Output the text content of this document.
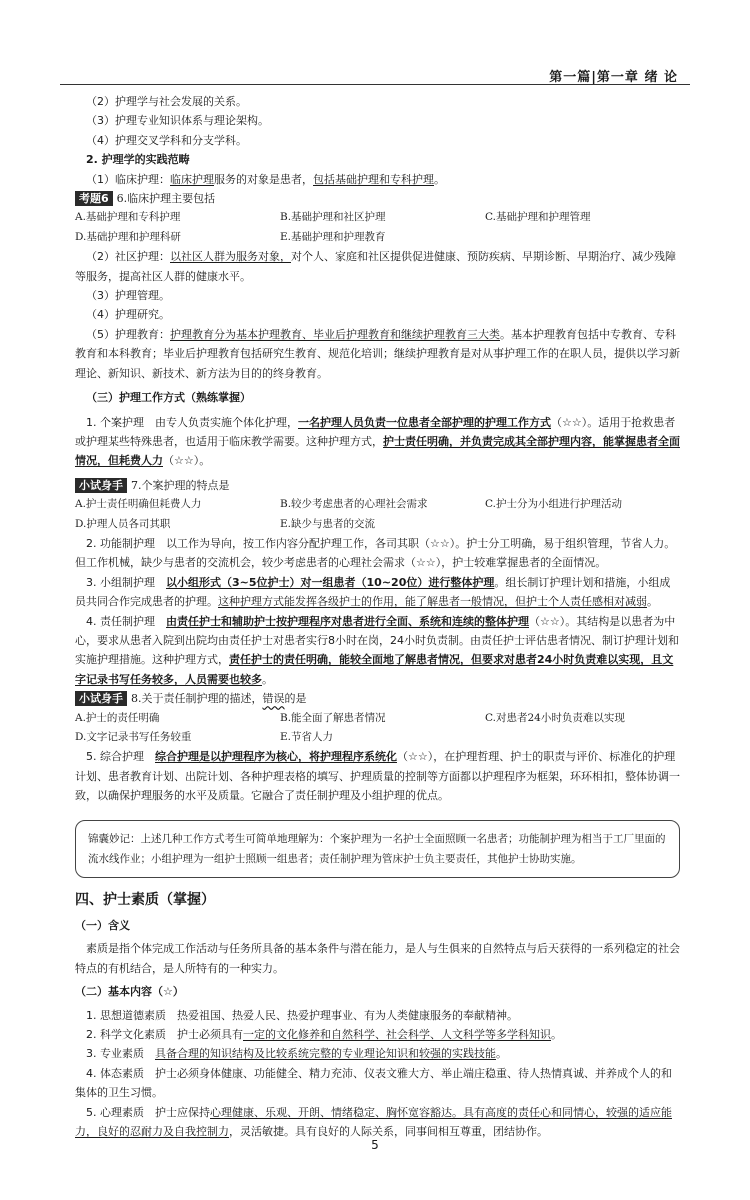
第一篇|第一章 绪 论

（2）护理学与社会发展的关系。

（3）护理专业知识体系与理论架构。

（4）护理交叉学科和分支学科。

2. 护理学的实践范畴

（1）临床护理：临床护理服务的对象是患者，包括基础护理和专科护理。

考题6 6.临床护理主要包括

A.基础护理和专科护理	B.基础护理和社区护理	C.基础护理和护理管理
D.基础护理和护理科研	E.基础护理和护理教育

（2）社区护理：以社区人群为服务对象，对个人、家庭和社区提供促进健康、预防疾病、早期诊断、早期治疗、减少残障等服务，提高社区人群的健康水平。

（3）护理管理。

（4）护理研究。

（5）护理教育：护理教育分为基本护理教育、毕业后护理教育和继续护理教育三大类。基本护理教育包括中专教育、专科教育和本科教育；毕业后护理教育包括研究生教育、规范化培训；继续护理教育是对从事护理工作的在职人员，提供以学习新理论、新知识、新技术、新方法为目的的终身教育。

（三）护理工作方式（熟练掌握）

1. 个案护理　由专人负责实施个体化护理，一名护理人员负责一位患者全部护理的护理工作方式（☆☆）。适用于抢救患者或护理某些特殊患者，也适用于临床教学需要。这种护理方式，护士责任明确，并负责完成其全部护理内容，能掌握患者全面情况，但耗费人力（☆☆）。

小试身手 7.个案护理的特点是

A.护士责任明确但耗费人力	B.较少考虑患者的心理社会需求	C.护士分为小组进行护理活动
D.护理人员各司其职	E.缺少与患者的交流

2. 功能制护理　以工作为导向，按工作内容分配护理工作，各司其职（☆☆）。护士分工明确，易于组织管理，节省人力。但工作机械，缺少与患者的交流机会，较少考虑患者的心理社会需求（☆☆），护士较难掌握患者的全面情况。

3. 小组制护理　以小组形式（3~5位护士）对一组患者（10~20位）进行整体护理。组长制订护理计划和措施，小组成员共同合作完成患者的护理。这种护理方式能发挥各级护士的作用，能了解患者一般情况，但护士个人责任感相对减弱。

4. 责任制护理　由责任护士和辅助护士按护理程序对患者进行全面、系统和连续的整体护理（☆☆）。其结构是以患者为中心，要求从患者入院到出院均由责任护士对患者实行8小时在岗，24小时负责制。由责任护士评估患者情况、制订护理计划和实施护理措施。这种护理方式，责任护士的责任明确，能较全面地了解患者情况，但要求对患者24小时负责难以实现，且文字记录书写任务较多，人员需要也较多。

小试身手 8.关于责任制护理的描述，错误的是

A.护士的责任明确	B.能全面了解患者情况	C.对患者24小时负责难以实现
D.文字记录书写任务较重	E.节省人力

5. 综合护理　综合护理是以护理程序为核心，将护理程序系统化（☆☆），在护理哲理、护士的职责与评价、标准化的护理计划、患者教育计划、出院计划、各种护理表格的填写、护理质量的控制等方面都以护理程序为框架，环环相扣，整体协调一致，以确保护理服务的水平及质量。它融合了责任制护理及小组护理的优点。

锦囊妙记：上述几种工作方式考生可简单地理解为：个案护理为一名护士全面照顾一名患者；功能制护理为相当于工厂里面的流水线作业；小组护理为一组护士照顾一组患者；责任制护理为管床护士负主要责任，其他护士协助实施。

四、护士素质（掌握）

（一）含义

素质是指个体完成工作活动与任务所具备的基本条件与潜在能力，是人与生俱来的自然特点与后天获得的一系列稳定的社会特点的有机结合，是人所特有的一种实力。

（二）基本内容（☆）

1. 思想道德素质　热爱祖国、热爱人民、热爱护理事业、有为人类健康服务的奉献精神。

2. 科学文化素质　护士必须具有一定的文化修养和自然科学、社会科学、人文科学等多学科知识。

3. 专业素质　具备合理的知识结构及比较系统完整的专业理论知识和较强的实践技能。

4. 体态素质　护士必须身体健康、功能健全、精力充沛、仪表文雅大方、举止端庄稳重、待人热情真诚、并养成个人的和集体的卫生习惯。

5. 心理素质　护士应保持心理健康、乐观、开朗、情绪稳定、胸怀宽容豁达。具有高度的责任心和同情心，较强的适应能力，良好的忍耐力及自我控制力，灵活敏捷。具有良好的人际关系，同事间相互尊重，团结协作。

5
